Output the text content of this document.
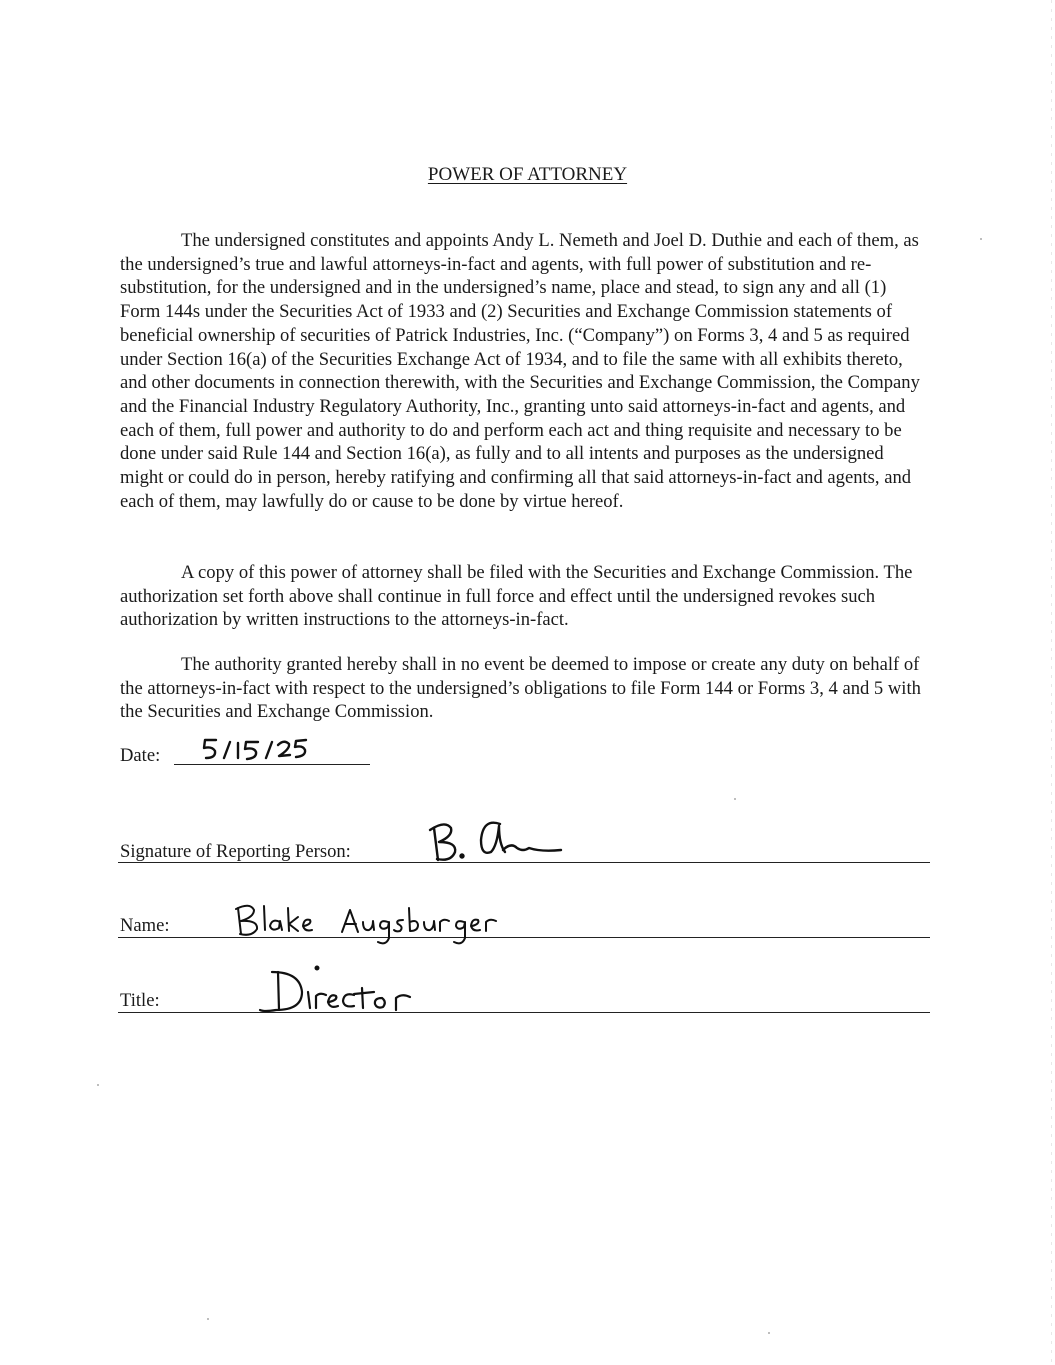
POWER OF ATTORNEY

The undersigned constitutes and appoints Andy L. Nemeth and Joel D. Duthie and each of them, as the undersigned’s true and lawful attorneys-in-fact and agents, with full power of substitution and re-substitution, for the undersigned and in the undersigned’s name, place and stead, to sign any and all (1) Form 144s under the Securities Act of 1933 and (2) Securities and Exchange Commission statements of beneficial ownership of securities of Patrick Industries, Inc. (“Company”) on Forms 3, 4 and 5 as required under Section 16(a) of the Securities Exchange Act of 1934, and to file the same with all exhibits thereto, and other documents in connection therewith, with the Securities and Exchange Commission, the Company and the Financial Industry Regulatory Authority, Inc., granting unto said attorneys-in-fact and agents, and each of them, full power and authority to do and perform each act and thing requisite and necessary to be done under said Rule 144 and Section 16(a), as fully and to all intents and purposes as the undersigned might or could do in person, hereby ratifying and confirming all that said attorneys-in-fact and agents, and each of them, may lawfully do or cause to be done by virtue hereof.

A copy of this power of attorney shall be filed with the Securities and Exchange Commission. The authorization set forth above shall continue in full force and effect until the undersigned revokes such authorization by written instructions to the attorneys-in-fact.

The authority granted hereby shall in no event be deemed to impose or create any duty on behalf of the attorneys-in-fact with respect to the undersigned’s obligations to file Form 144 or Forms 3, 4 and 5 with the Securities and Exchange Commission.

Date:
Signature of Reporting Person:
Name:
Title:
